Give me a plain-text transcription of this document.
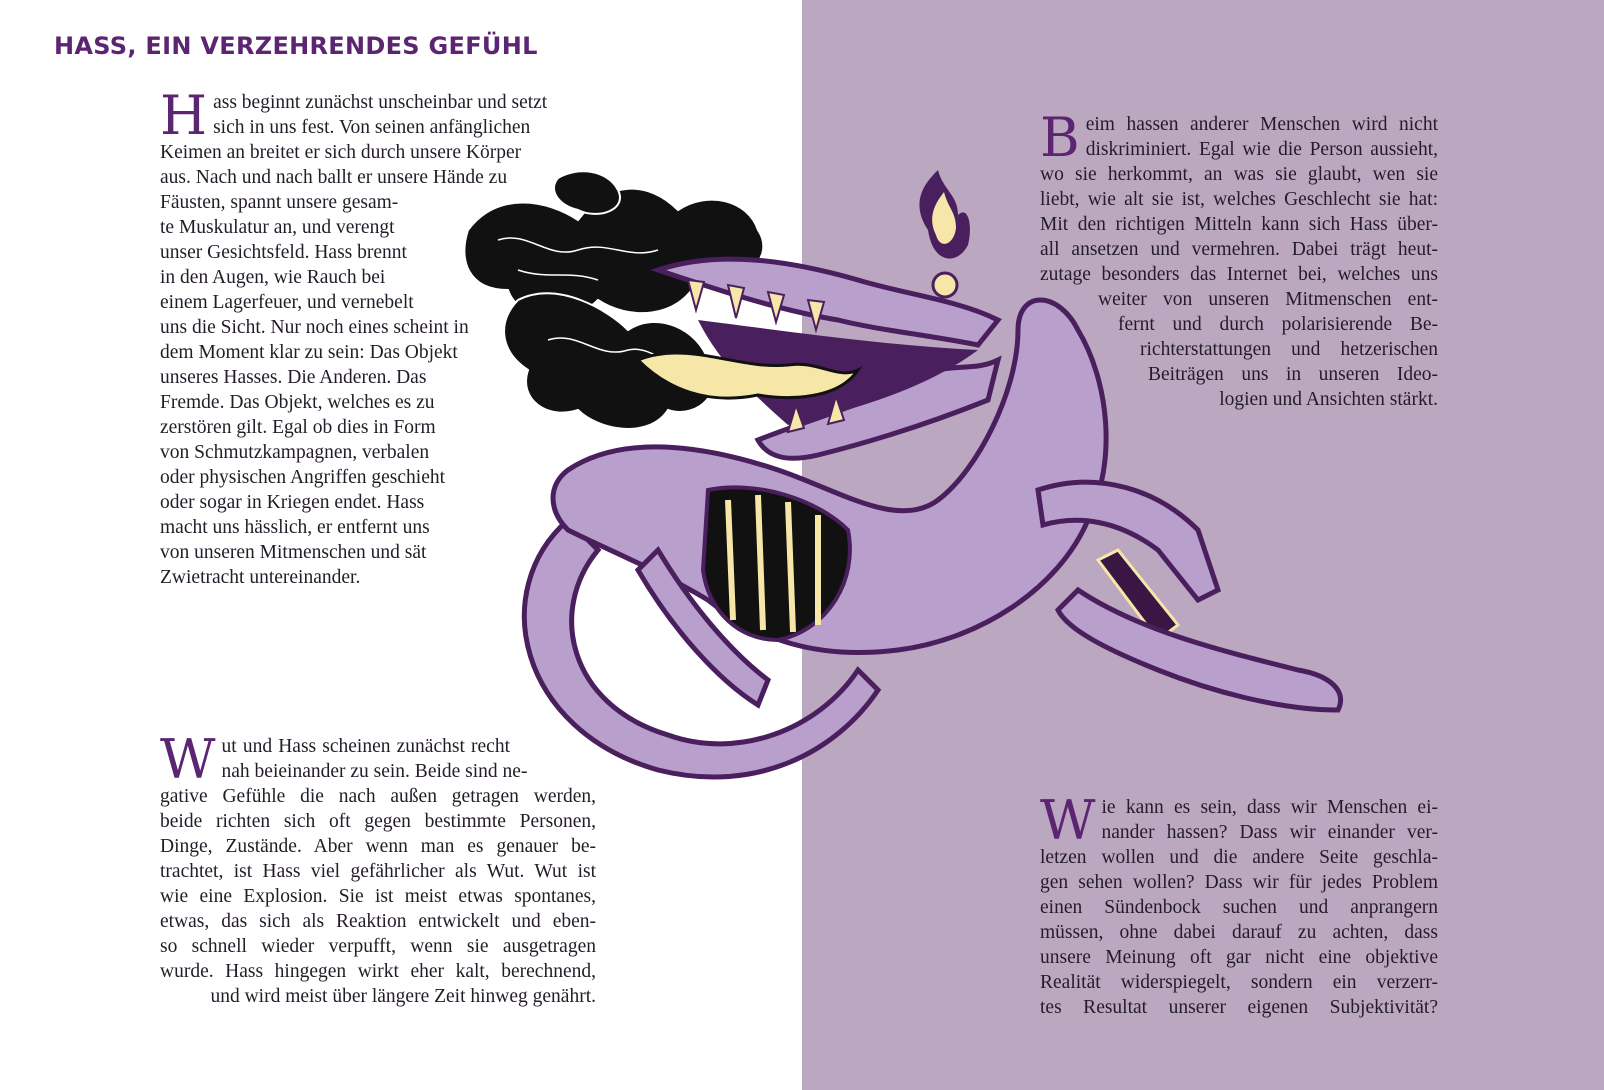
HASS, EIN VERZEHRENDES GEFÜHL

H ass beginnt zunächst unscheinbar und setzt
sich in uns fest. Von seinen anfänglichen
Keimen an breitet er sich durch unsere Körper
aus. Nach und nach ballt er unsere Hände zu
Fäusten, spannt unsere gesam-
te Muskulatur an, und verengt
unser Gesichtsfeld. Hass brennt
in den Augen, wie Rauch bei
einem Lagerfeuer, und vernebelt
uns die Sicht. Nur noch eines scheint in
dem Moment klar zu sein: Das Objekt
unseres Hasses. Die Anderen. Das
Fremde. Das Objekt, welches es zu
zerstören gilt. Egal ob dies in Form
von Schmutzkampagnen, verbalen
oder physischen Angriffen geschieht
oder sogar in Kriegen endet. Hass
macht uns hässlich, er entfernt uns
von unseren Mitmenschen und sät
Zwietracht untereinander.

B eim hassen anderer Menschen wird nicht
diskriminiert. Egal wie die Person aussieht,
wo sie herkommt, an was sie glaubt, wen sie
liebt, wie alt sie ist, welches Geschlecht sie hat:
Mit den richtigen Mitteln kann sich Hass über-
all ansetzen und vermehren. Dabei trägt heut-
zutage besonders das Internet bei, welches uns
weiter von unseren Mitmenschen ent-
fernt und durch polarisierende Be-
richterstattungen und hetzerischen
Beiträgen uns in unseren Ideo-
logien und Ansichten stärkt.

W ut und Hass scheinen zunächst recht
nah beieinander zu sein. Beide sind ne-
gative Gefühle die nach außen getragen werden,
beide richten sich oft gegen bestimmte Personen,
Dinge, Zustände. Aber wenn man es genauer be-
trachtet, ist Hass viel gefährlicher als Wut. Wut ist
wie eine Explosion. Sie ist meist etwas spontanes,
etwas, das sich als Reaktion entwickelt und eben-
so schnell wieder verpufft, wenn sie ausgetragen
wurde. Hass hingegen wirkt eher kalt, berechnend,
und wird meist über längere Zeit hinweg genährt.

W ie kann es sein, dass wir Menschen ei-
nander hassen? Dass wir einander ver-
letzen wollen und die andere Seite geschla-
gen sehen wollen? Dass wir für jedes Problem
einen Sündenbock suchen und anprangern
müssen, ohne dabei darauf zu achten, dass
unsere Meinung oft gar nicht eine objektive
Realität widerspiegelt, sondern ein verzerr-
tes Resultat unserer eigenen Subjektivität?
